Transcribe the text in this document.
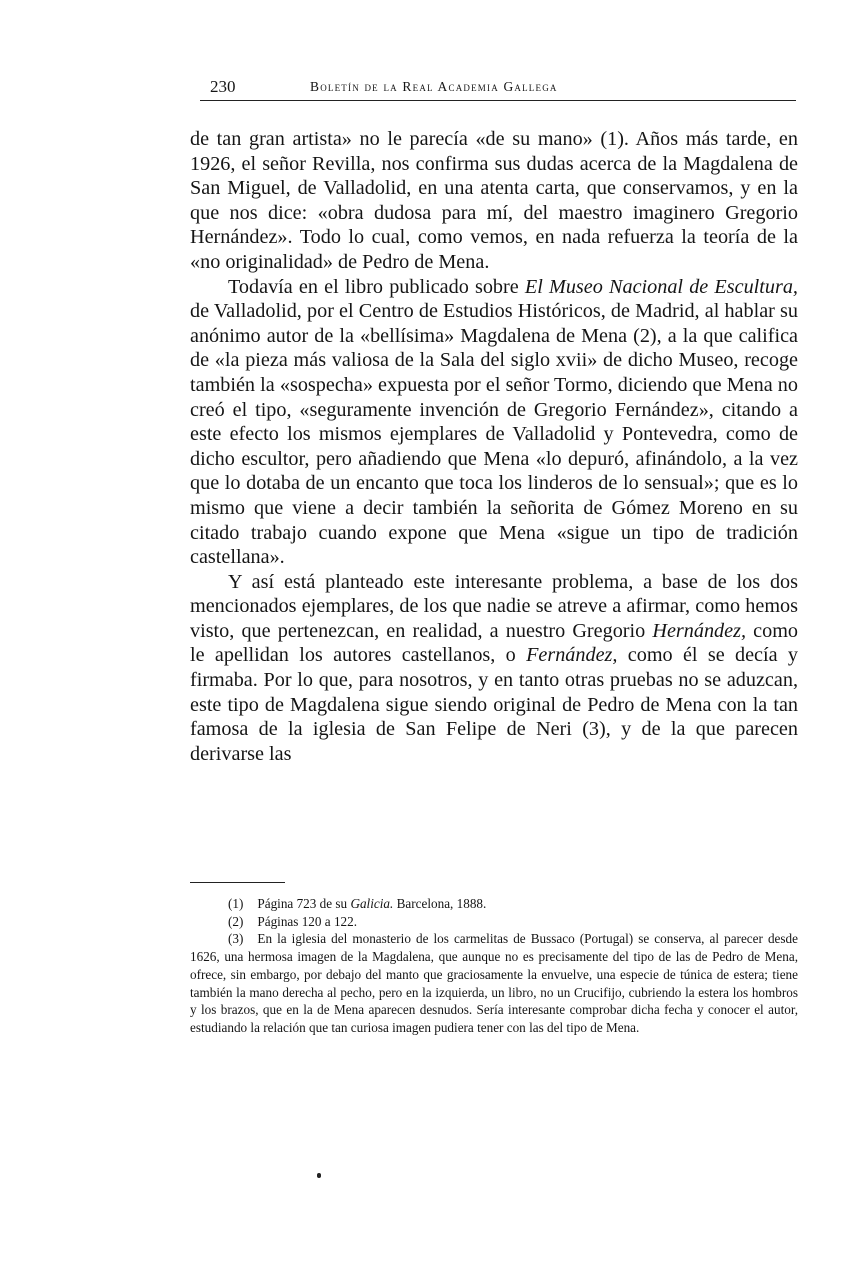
230	Boletín de la Real Academia Gallega

de tan gran artista» no le parecía «de su mano» (1). Años más tarde, en 1926, el señor Revilla, nos confirma sus dudas acerca de la Magdalena de San Miguel, de Valladolid, en una atenta carta, que conservamos, y en la que nos dice: «obra dudosa para mí, del maestro imaginero Gregorio Hernández». Todo lo cual, como vemos, en nada refuerza la teoría de la «no originalidad» de Pedro de Mena.

Todavía en el libro publicado sobre El Museo Nacional de Escultura, de Valladolid, por el Centro de Estudios Históricos, de Madrid, al hablar su anónimo autor de la «bellísima» Magdalena de Mena (2), a la que califica de «la pieza más valiosa de la Sala del siglo xvii» de dicho Museo, recoge también la «sospecha» expuesta por el señor Tormo, diciendo que Mena no creó el tipo, «seguramente invención de Gregorio Fernández», citando a este efecto los mismos ejemplares de Valladolid y Pontevedra, como de dicho escultor, pero añadiendo que Mena «lo depuró, afinándolo, a la vez que lo dotaba de un encanto que toca los linderos de lo sensual»; que es lo mismo que viene a decir también la señorita de Gómez Moreno en su citado trabajo cuando expone que Mena «sigue un tipo de tradición castellana».

Y así está planteado este interesante problema, a base de los dos mencionados ejemplares, de los que nadie se atreve a afirmar, como hemos visto, que pertenezcan, en realidad, a nuestro Gregorio Hernández, como le apellidan los autores castellanos, o Fernández, como él se decía y firmaba. Por lo que, para nosotros, y en tanto otras pruebas no se aduzcan, este tipo de Magdalena sigue siendo original de Pedro de Mena con la tan famosa de la iglesia de San Felipe de Neri (3), y de la que parecen derivarse las

(1) Página 723 de su Galicia. Barcelona, 1888.

(2) Páginas 120 a 122.

(3) En la iglesia del monasterio de los carmelitas de Bussaco (Portugal) se conserva, al parecer desde 1626, una hermosa imagen de la Magdalena, que aunque no es precisamente del tipo de las de Pedro de Mena, ofrece, sin embargo, por debajo del manto que graciosamente la envuelve, una especie de túnica de estera; tiene también la mano derecha al pecho, pero en la izquierda, un libro, no un Crucifijo, cubriendo la estera los hombros y los brazos, que en la de Mena aparecen desnudos. Sería interesante comprobar dicha fecha y conocer el autor, estudiando la relación que tan curiosa imagen pudiera tener con las del tipo de Mena.
